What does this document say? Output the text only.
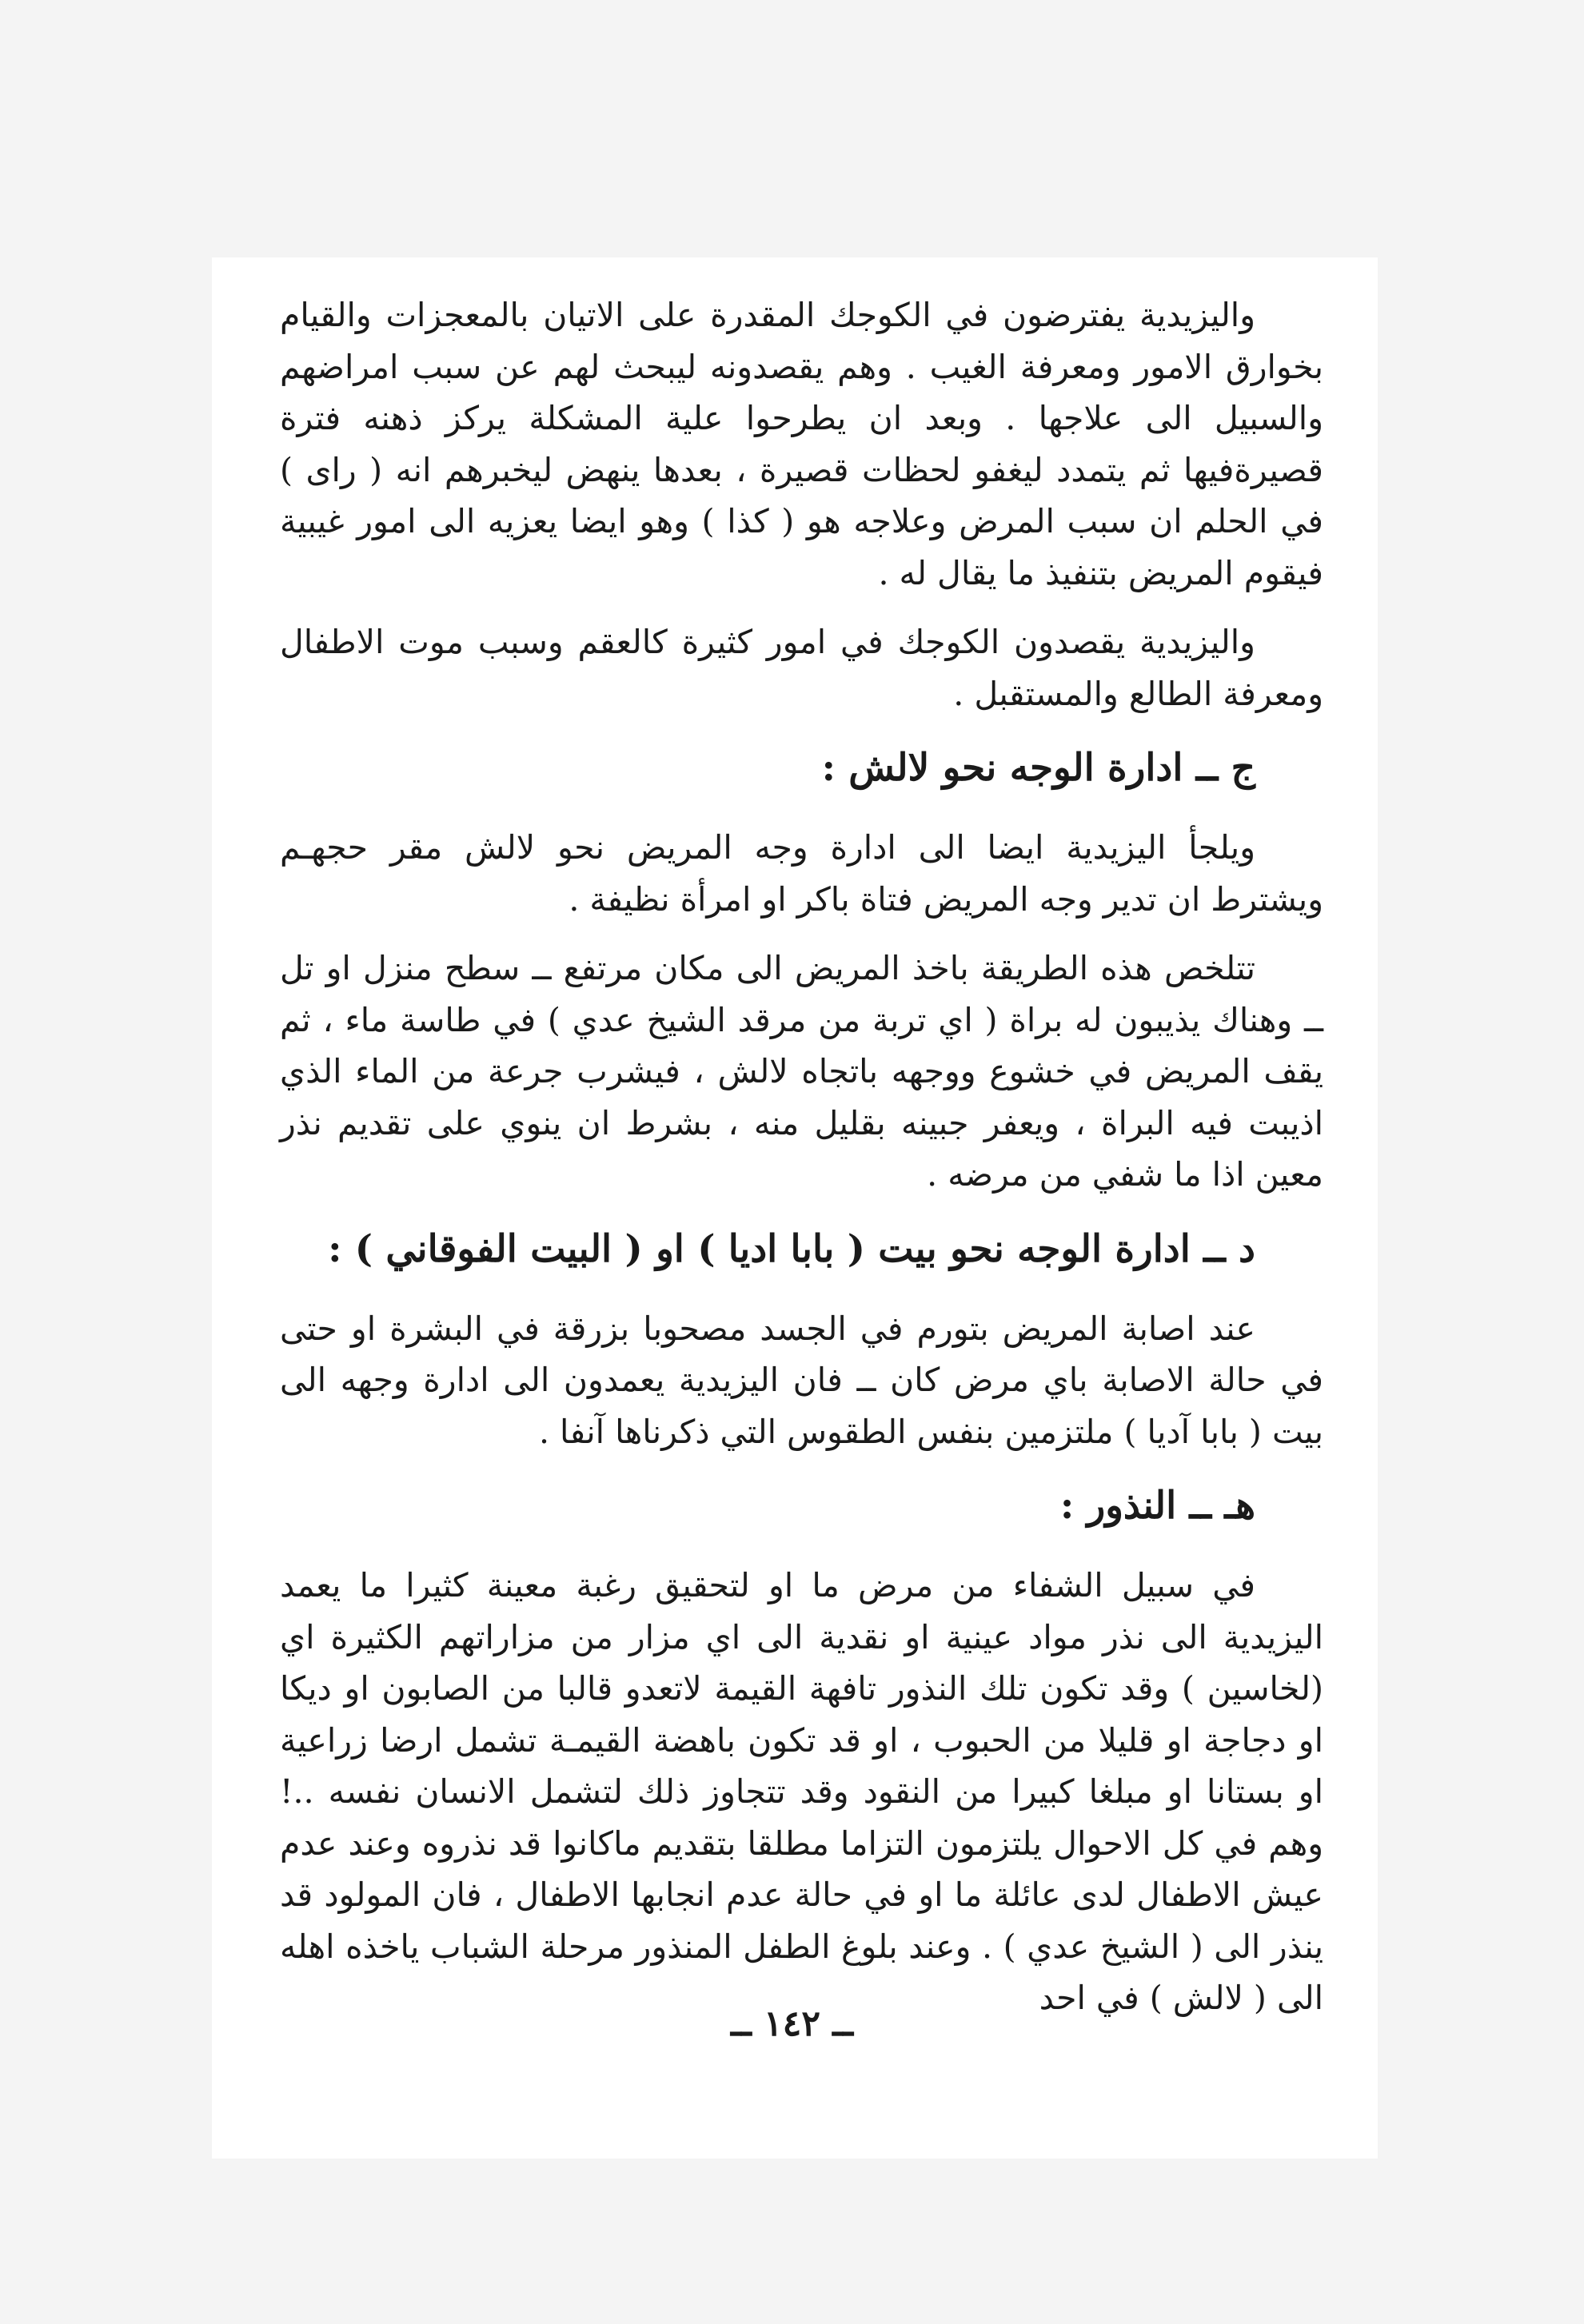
واليزيدية يفترضون في الكوجك المقدرة على الاتيان بالمعجزات والقيام بخوارق الامور ومعرفة الغيب . وهم يقصدونه ليبحث لهم عن سبب امراضهم والسبيل الى علاجها . وبعد ان يطرحوا علية المشكلة يركز ذهنه فترة قصيرةفيها ثم يتمدد ليغفو لحظات قصيرة ، بعدها ينهض ليخبرهم انه ( راى ) في الحلم ان سبب المرض وعلاجه هو ( كذا ) وهو ايضا يعزيه الى امور غيبية فيقوم المريض بتنفيذ ما يقال له .

واليزيدية يقصدون الكوجك في امور كثيرة كالعقم وسبب موت الاطفال ومعرفة الطالع والمستقبل .

ج ــ ادارة الوجه نحو لالش :

ويلجأ اليزيدية ايضا الى ادارة وجه المريض نحو لالش مقر حجهـم ويشترط ان تدير وجه المريض فتاة باكر او امرأة نظيفة .

تتلخص هذه الطريقة باخذ المريض الى مكان مرتفع ــ سطح منزل او تل ــ وهناك يذيبون له براة ( اي تربة من مرقد الشيخ عدي ) في طاسة ماء ، ثم يقف المريض في خشوع ووجهه باتجاه لالش ، فيشرب جرعة من الماء الذي اذيبت فيه البراة ، ويعفر جبينه بقليل منه ، بشرط ان ينوي على تقديم نذر معين اذا ما شفي من مرضه .

د ــ ادارة الوجه نحو بيت ( بابا اديا ) او ( البيت الفوقاني ) :

عند اصابة المريض بتورم في الجسد مصحوبا بزرقة في البشرة او حتى في حالة الاصابة باي مرض كان ــ فان اليزيدية يعمدون الى ادارة وجهه الى بيت ( بابا آديا ) ملتزمين بنفس الطقوس التي ذكرناها آنفا .

هـ ــ النذور :

في سبيل الشفاء من مرض ما او لتحقيق رغبة معينة كثيرا ما يعمد اليزيدية الى نذر مواد عينية او نقدية الى اي مزار من مزاراتهم الكثيرة اي (لخاسين ) وقد تكون تلك النذور تافهة القيمة لاتعدو قالبا من الصابون او ديكا او دجاجة او قليلا من الحبوب ، او قد تكون باهضة القيمـة تشمل ارضا زراعية او بستانا او مبلغا كبيرا من النقود وقد تتجاوز ذلك لتشمل الانسان نفسه ..! وهم في كل الاحوال يلتزمون التزاما مطلقا بتقديم ماكانوا قد نذروه وعند عدم عيش الاطفال لدى عائلة ما او في حالة عدم انجابها الاطفال ، فان المولود قد ينذر الى ( الشيخ عدي ) . وعند بلوغ الطفل المنذور مرحلة الشباب ياخذه اهله الى ( لالش ) في احد

ــ ١٤٢ ــ
